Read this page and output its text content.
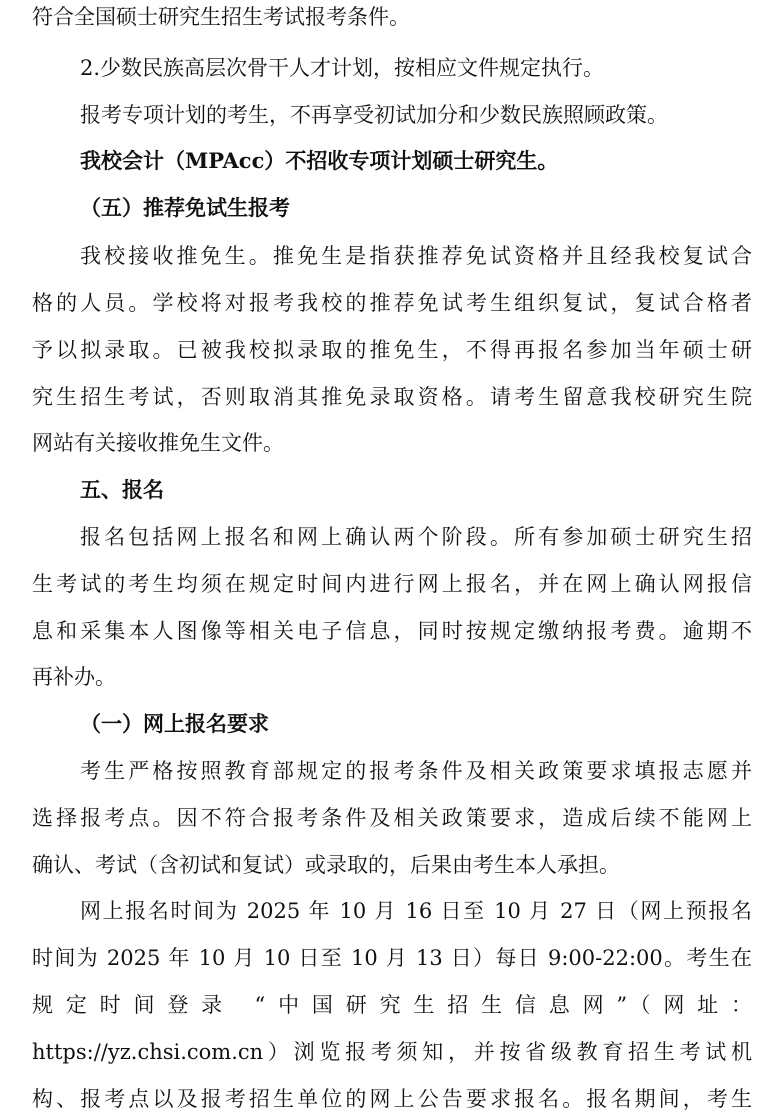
符合全国硕士研究生招生考试报考条件。
2.少数民族高层次骨干人才计划，按相应文件规定执行。
报考专项计划的考生，不再享受初试加分和少数民族照顾政策。
我校会计（MPAcc）不招收专项计划硕士研究生。
（五）推荐免试生报考
我校接收推免生。推免生是指获推荐免试资格并且经我校复试合
格的人员。学校将对报考我校的推荐免试考生组织复试，复试合格者
予以拟录取。已被我校拟录取的推免生，不得再报名参加当年硕士研
究生招生考试，否则取消其推免录取资格。请考生留意我校研究生院
网站有关接收推免生文件。
五、报名
报名包括网上报名和网上确认两个阶段。所有参加硕士研究生招
生考试的考生均须在规定时间内进行网上报名，并在网上确认网报信
息和采集本人图像等相关电子信息，同时按规定缴纳报考费。逾期不
再补办。
（一）网上报名要求
考生严格按照教育部规定的报考条件及相关政策要求填报志愿并
选择报考点。因不符合报考条件及相关政策要求，造成后续不能网上
确认、考试（含初试和复试）或录取的，后果由考生本人承担。
网上报名时间为 2025 年 10 月 16 日至 10 月 27 日（网上预报名
时间为 2025 年 10 月 10 日至 10 月 13 日）每日 9:00-22:00。考生在
规定时间登录 “中国研究生招生信息网”（网址：
https://yz.chsi.com.cn）浏览报考须知，并按省级教育招生考试机
构、报考点以及报考招生单位的网上公告要求报名。报名期间，考生
